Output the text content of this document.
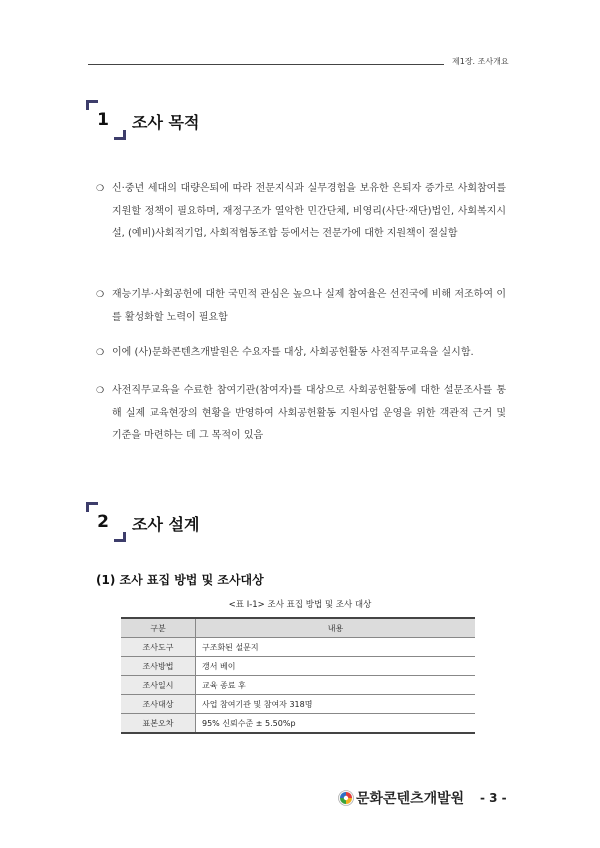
제1장. 조사개요
1	조사 목적
❍ 신·중년 세대의 대량은퇴에 따라 전문지식과 실무경험을 보유한 은퇴자 증가로 사회참여를 지원할 정책이 필요하며, 재정구조가 열악한 민간단체, 비영리(사단·재단)법인, 사회복지시설, (예비)사회적기업, 사회적협동조합 등에서는 전문가에 대한 지원책이 절실함
❍ 재능기부·사회공헌에 대한 국민적 관심은 높으나 실제 참여율은 선진국에 비해 저조하여 이를 활성화할 노력이 필요함
❍ 이에 (사)문화콘텐츠개발원은 수요자를 대상, 사회공헌활동 사전직무교육을 실시함.
❍ 사전직무교육을 수료한 참여기관(참여자)를 대상으로 사회공헌활동에 대한 설문조사를 통해 실제 교육현장의 현황을 반영하여 사회공헌활동 지원사업 운영을 위한 객관적 근거 및 기준을 마련하는 데 그 목적이 있음
2	조사 설계
(1) 조사 표집 방법 및 조사대상
<표 Ⅰ-1> 조사 표집 방법 및 조사 대상
구분	내용
조사도구	구조화된 설문지
조사방법	갱서 베이
조사일시	교육 종료 후
조사대상	사업 참여기관 및 참여자 318명
표본오차	95% 신뢰수준 ± 5.50%p
문화콘텐츠개발원 - 3 -
